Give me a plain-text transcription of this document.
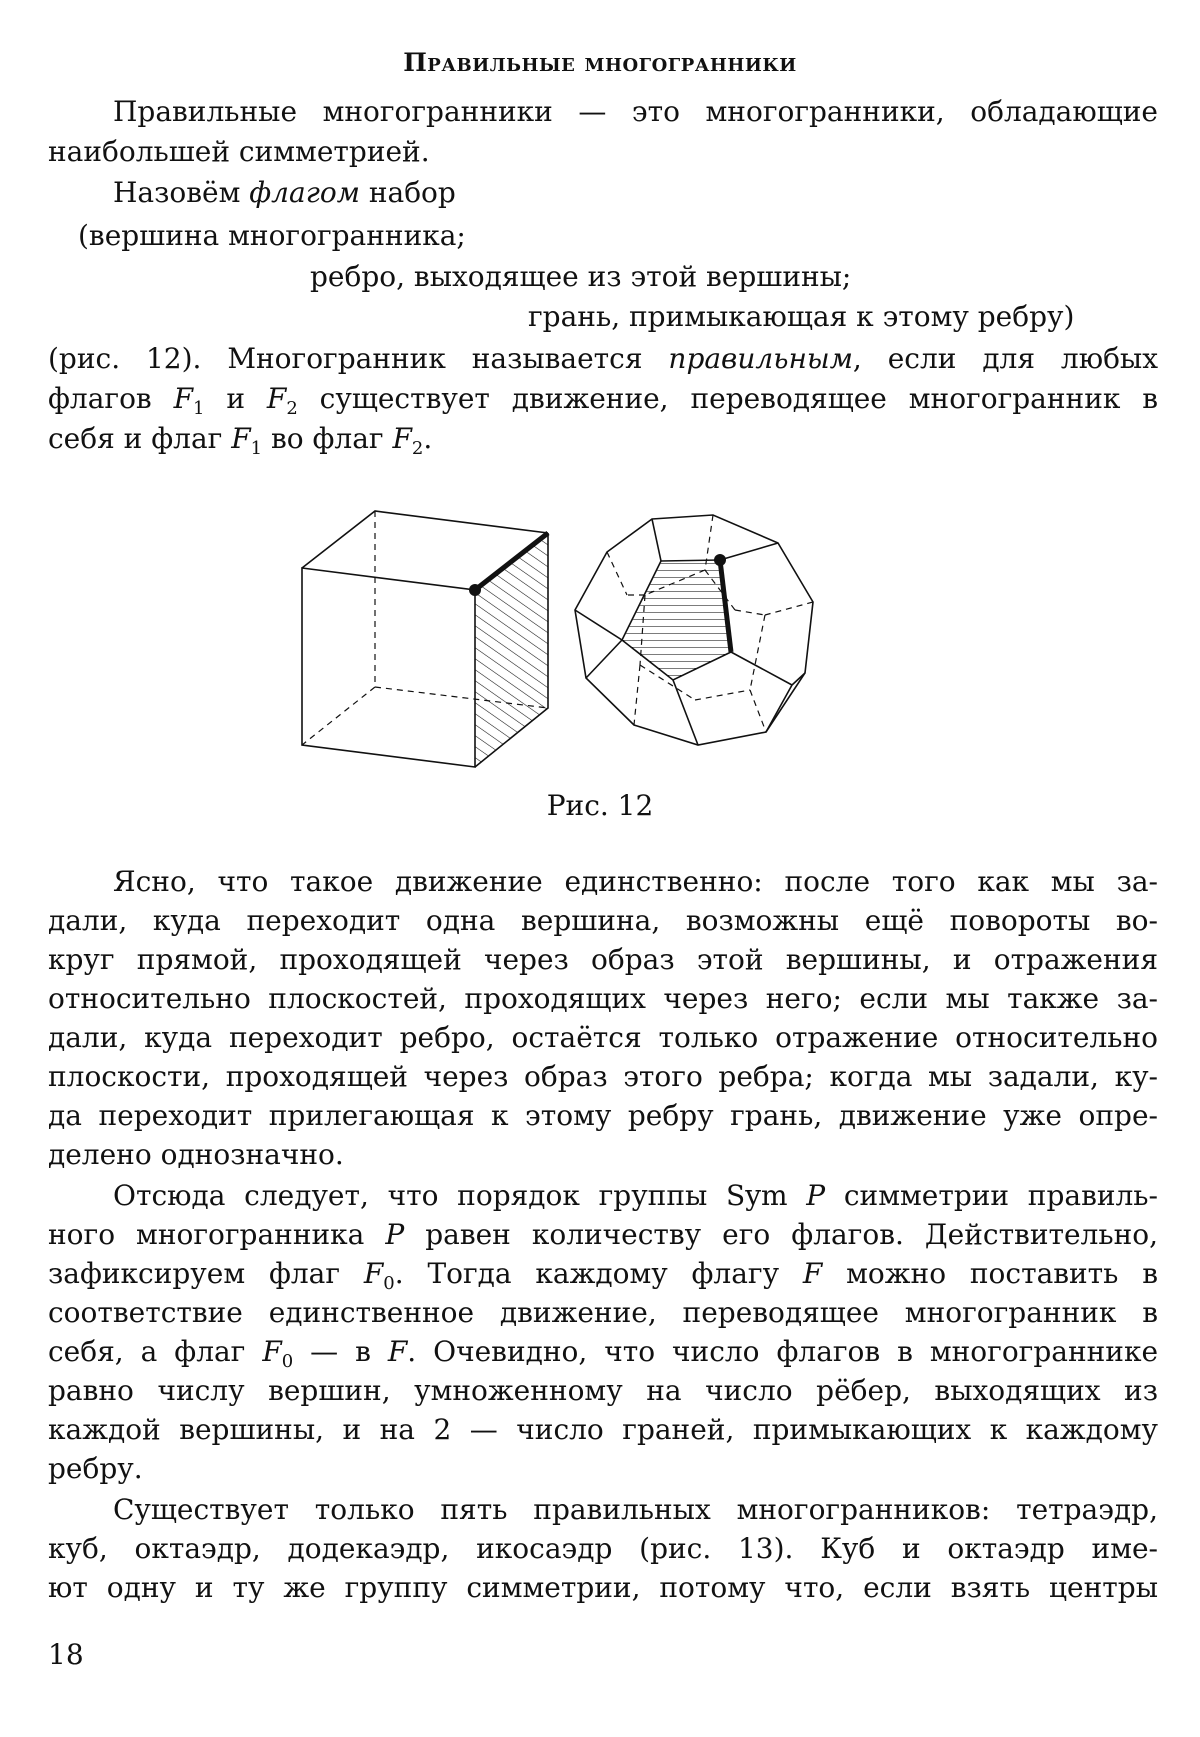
Правильные многогранники
Правильные многогранники — это многогранники, обладающие
наибольшей симметрией.
Назовём флагом набор
(вершина многогранника;
ребро, выходящее из этой вершины;
грань, примыкающая к этому ребру)
(рис. 12). Многогранник называется правильным, если для любых
флагов $F_1$ и $F_2$ существует движение, переводящее многогранник в
себя и флаг $F_1$ во флаг $F_2$.
Рис. 12
Ясно, что такое движение единственно: после того как мы за-
дали, куда переходит одна вершина, возможны ещё повороты во-
круг прямой, проходящей через образ этой вершины, и отражения
относительно плоскостей, проходящих через него; если мы также за-
дали, куда переходит ребро, остаётся только отражение относительно
плоскости, проходящей через образ этого ребра; когда мы задали, ку-
да переходит прилегающая к этому ребру грань, движение уже опре-
делено однозначно.
Отсюда следует, что порядок группы Sym P симметрии правиль-
ного многогранника P равен количеству его флагов. Действительно,
зафиксируем флаг $F_0$. Тогда каждому флагу F можно поставить в
соответствие единственное движение, переводящее многогранник в
себя, а флаг $F_0$ — в F. Очевидно, что число флагов в многограннике
равно числу вершин, умноженному на число рёбер, выходящих из
каждой вершины, и на 2 — число граней, примыкающих к каждому
ребру.
Существует только пять правильных многогранников: тетраэдр,
куб, октаэдр, додекаэдр, икосаэдр (рис. 13). Куб и октаэдр име-
ют одну и ту же группу симметрии, потому что, если взять центры
18
